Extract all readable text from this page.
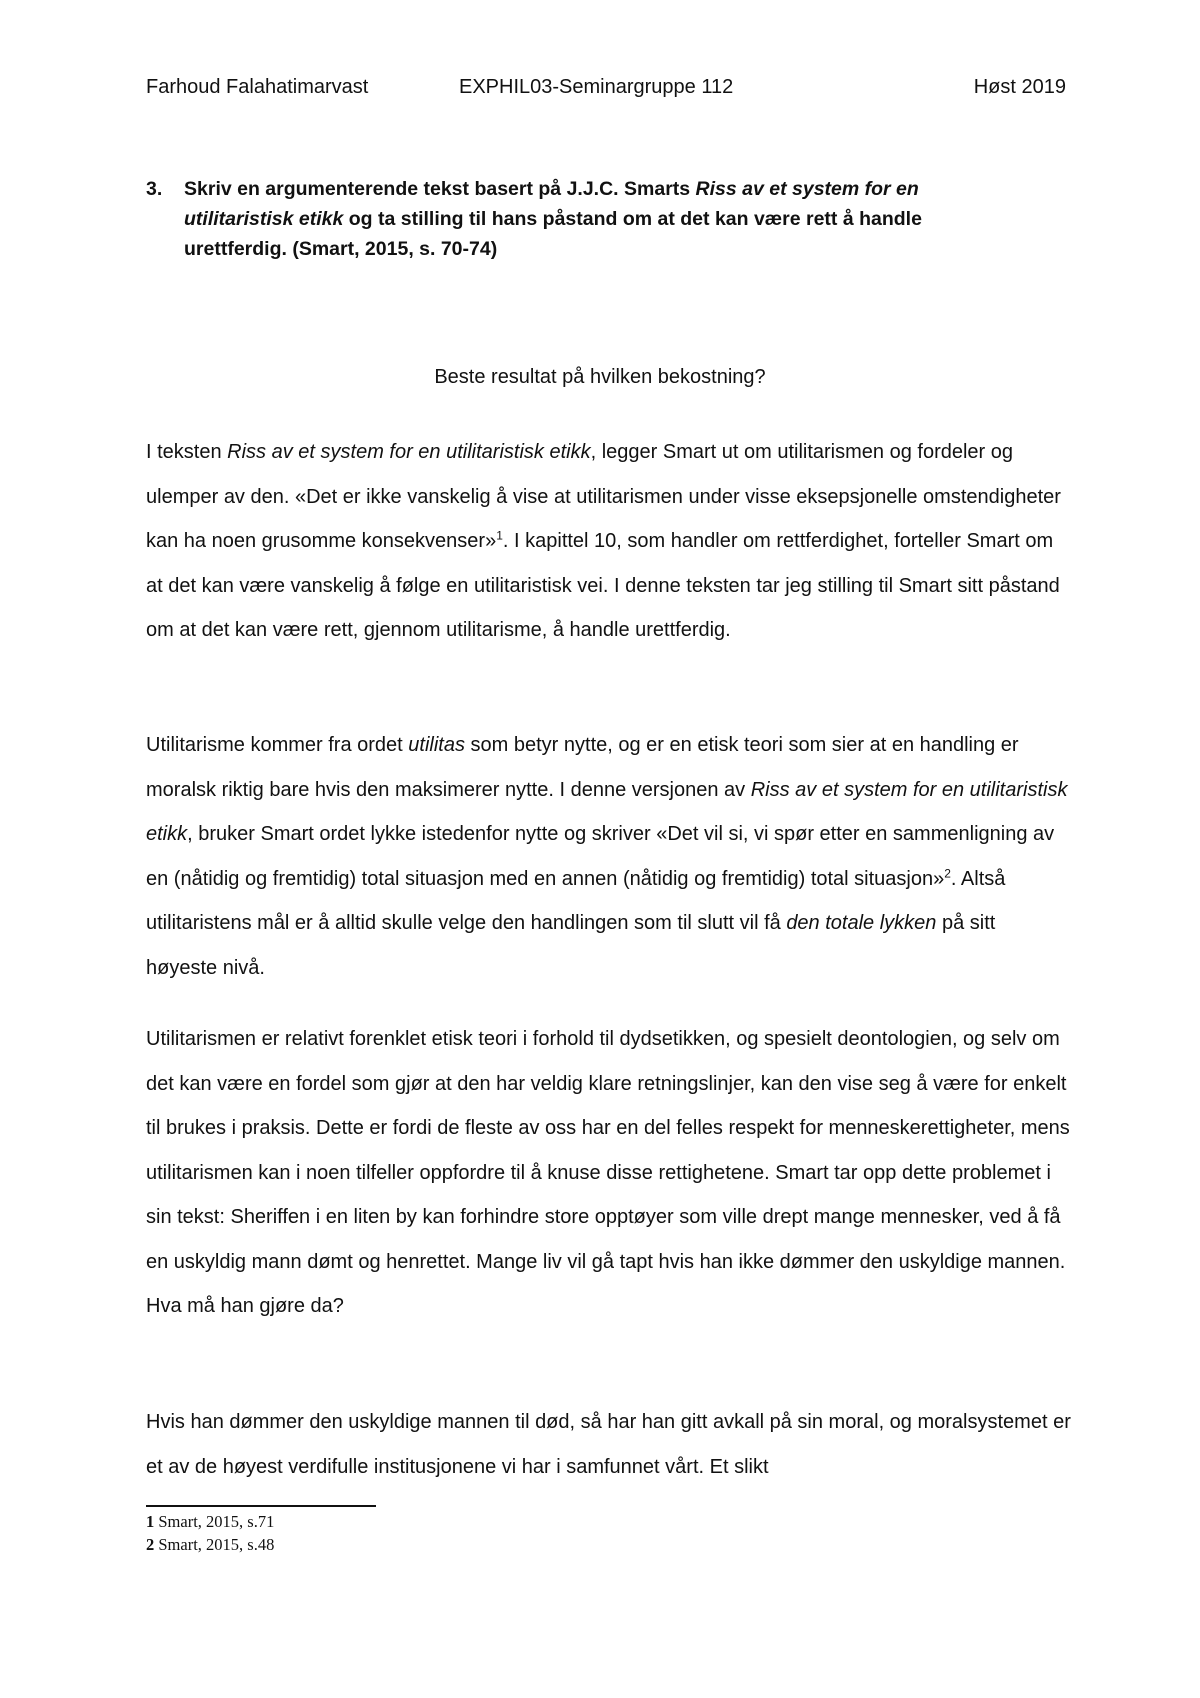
Farhoud Falahatimarvast	EXPHIL03-Seminargruppe 112	Høst 2019
3. Skriv en argumenterende tekst basert på J.J.C. Smarts Riss av et system for en utilitaristisk etikk og ta stilling til hans påstand om at det kan være rett å handle urettferdig. (Smart, 2015, s. 70-74)
Beste resultat på hvilken bekostning?

I teksten Riss av et system for en utilitaristisk etikk, legger Smart ut om utilitarismen og fordeler og ulemper av den. «Det er ikke vanskelig å vise at utilitarismen under visse eksepsjonelle omstendigheter kan ha noen grusomme konsekvenser»$^1$. I kapittel 10, som handler om rettferdighet, forteller Smart om at det kan være vanskelig å følge en utilitaristisk vei. I denne teksten tar jeg stilling til Smart sitt påstand om at det kan være rett, gjennom utilitarisme, å handle urettferdig.

Utilitarisme kommer fra ordet utilitas som betyr nytte, og er en etisk teori som sier at en handling er moralsk riktig bare hvis den maksimerer nytte. I denne versjonen av Riss av et system for en utilitaristisk etikk, bruker Smart ordet lykke istedenfor nytte og skriver «Det vil si, vi spør etter en sammenligning av en (nåtidig og fremtidig) total situasjon med en annen (nåtidig og fremtidig) total situasjon»$^2$. Altså utilitaristens mål er å alltid skulle velge den handlingen som til slutt vil få den totale lykken på sitt høyeste nivå.

Utilitarismen er relativt forenklet etisk teori i forhold til dydsetikken, og spesielt deontologien, og selv om det kan være en fordel som gjør at den har veldig klare retningslinjer, kan den vise seg å være for enkelt til brukes i praksis. Dette er fordi de fleste av oss har en del felles respekt for menneskerettigheter, mens utilitarismen kan i noen tilfeller oppfordre til å knuse disse rettighetene. Smart tar opp dette problemet i sin tekst: Sheriffen i en liten by kan forhindre store opptøyer som ville drept mange mennesker, ved å få en uskyldig mann dømt og henrettet. Mange liv vil gå tapt hvis han ikke dømmer den uskyldige mannen. Hva må han gjøre da?

Hvis han dømmer den uskyldige mannen til død, så har han gitt avkall på sin moral, og moralsystemet er et av de høyest verdifulle institusjonene vi har i samfunnet vårt. Et slikt

1 Smart, 2015, s.71
2 Smart, 2015, s.48
